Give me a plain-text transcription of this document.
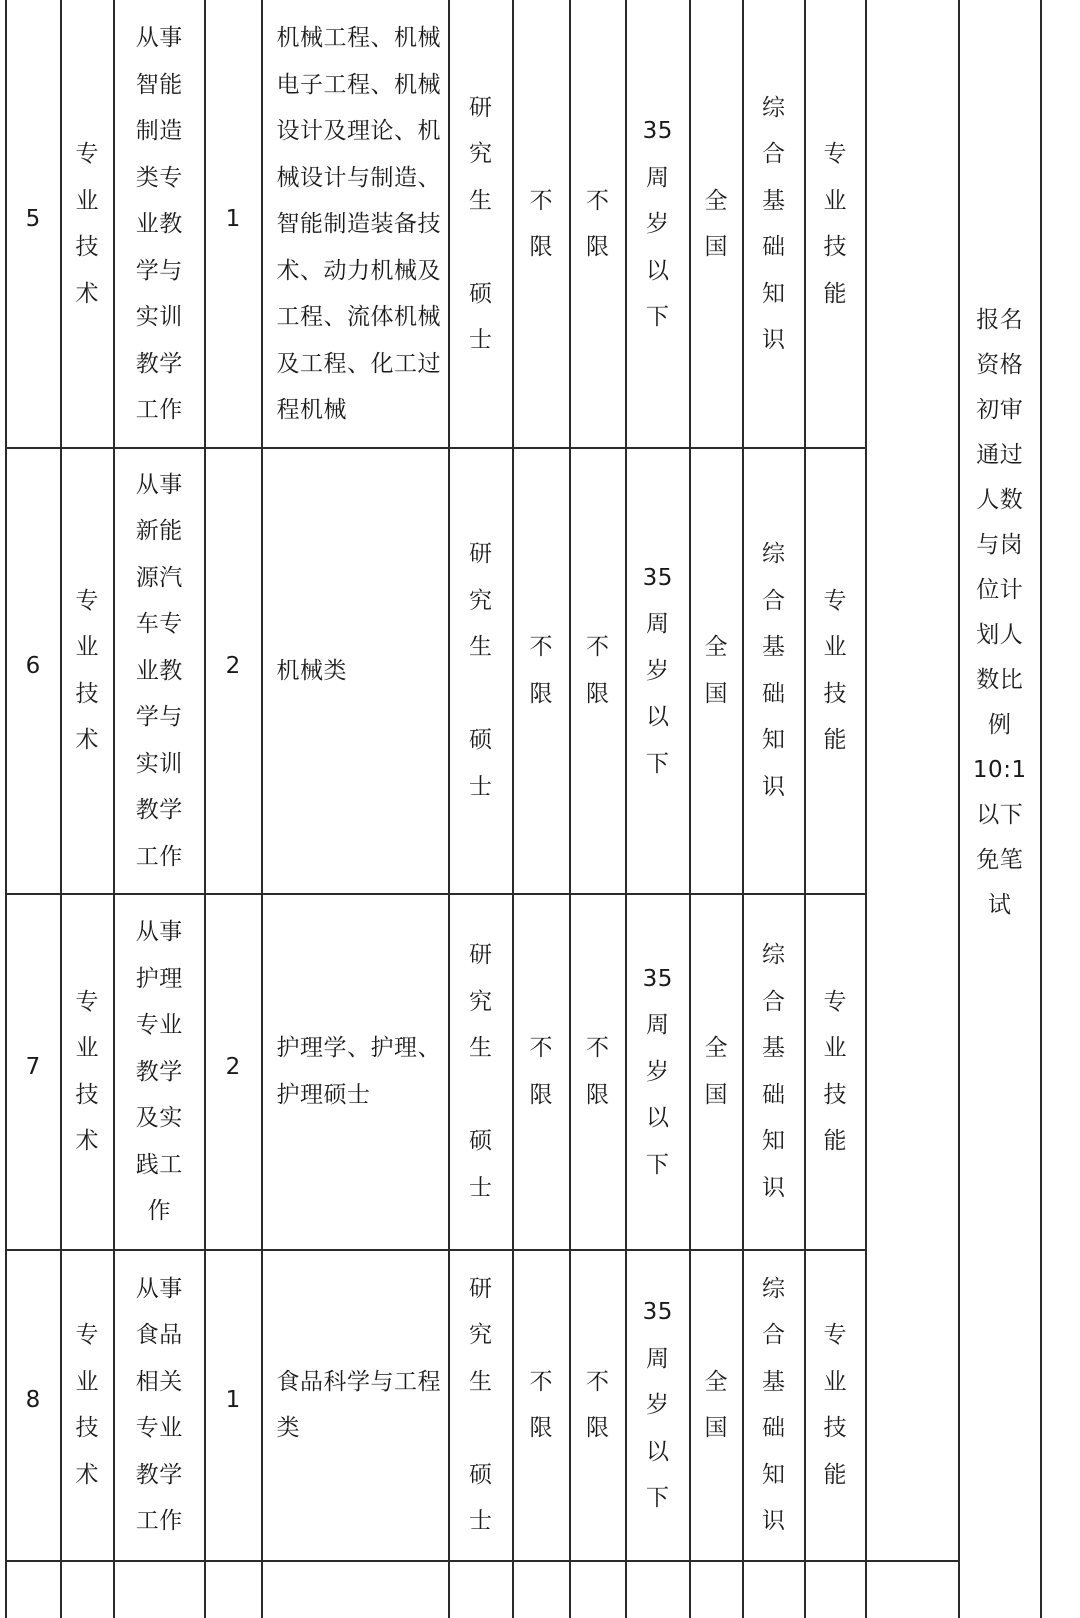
5
专
业
技
术
从事
智能
制造
类专
业教
学与
实训
教学
工作
1
机械工程、机械
电子工程、机械
设计及理论、机
械设计与制造、
智能制造装备技
术、动力机械及
工程、流体机械
及工程、化工过
程机械
研
究
生

硕
士
不
限
不
限
35
周
岁
以
下
全
国
综
合
基
础
知
识
专
业
技
能
6
专
业
技
术
从事
新能
源汽
车专
业教
学与
实训
教学
工作
2 机械类
研
究
生

硕
士
不
限
不
限
35
周
岁
以
下
全
国
综
合
基
础
知
识
专
业
技
能
7
专
业
技
术
从事
护理
专业
教学
及实
践工
作
2
护理学、护理、
护理硕士
研
究
生

硕
士
不
限
不
限
35
周
岁
以
下
全
国
综
合
基
础
知
识
专
业
技
能
8
专
业
技
术
从事
食品
相关
专业
教学
工作
1
食品科学与工程
类
研
究
生

硕
士
不
限
不
限
35
周
岁
以
下
全
国
综
合
基
础
知
识
专
业
技
能
报名
资格
初审
通过
人数
与岗
位计
划人
数比
例
10:1
以下
免笔
试
